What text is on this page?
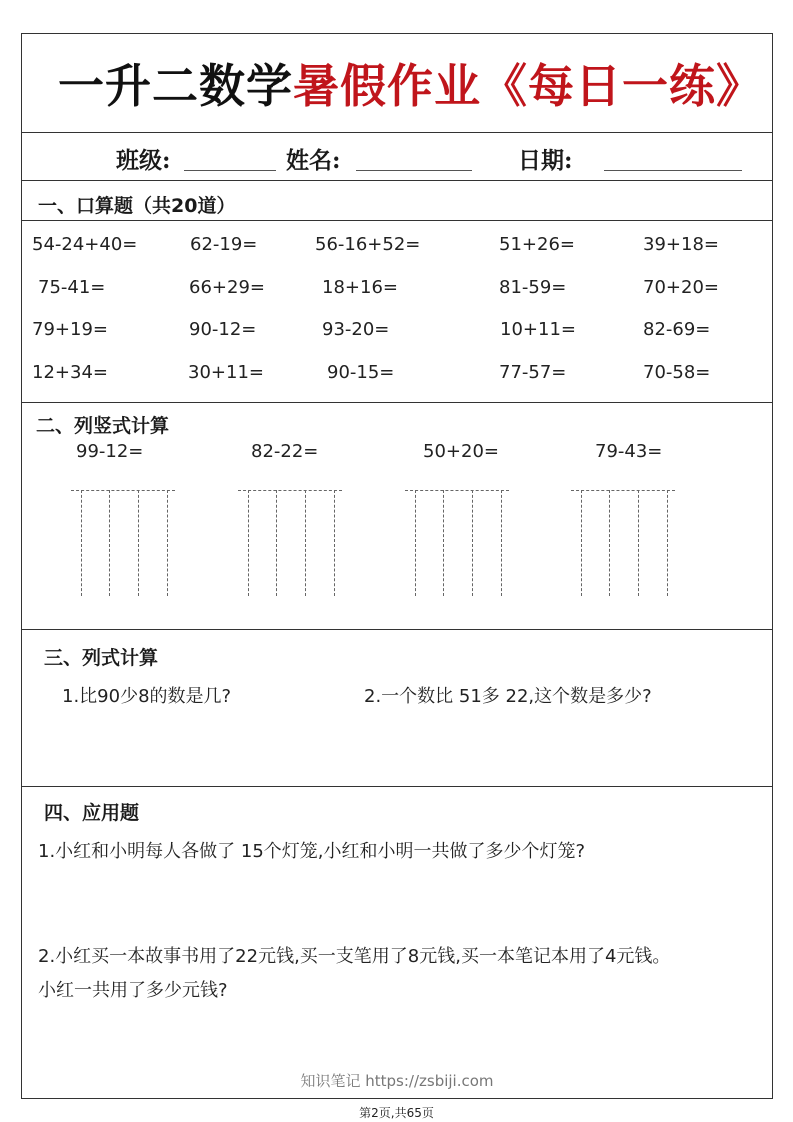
一升二数学暑假作业《每日一练》
班级:	姓名:	日期:
一、口算题（共20道）
54-24+40=	62-19=	56-16+52=	51+26=	39+18=
75-41=	66+29=	18+16=	81-59=	70+20=
79+19=	90-12=	93-20=	10+11=	82-69=
12+34=	30+11=	90-15=	77-57=	70-58=
二、列竖式计算
99-12=	82-22=	50+20=	79-43=
三、列式计算
1.比90少8的数是几?	2.一个数比 51多 22,这个数是多少?
四、应用题
1.小红和小明每人各做了 15个灯笼,小红和小明一共做了多少个灯笼?
2.小红买一本故事书用了22元钱,买一支笔用了8元钱,买一本笔记本用了4元钱。
小红一共用了多少元钱?
知识笔记 https://zsbiji.com
第2页,共65页
